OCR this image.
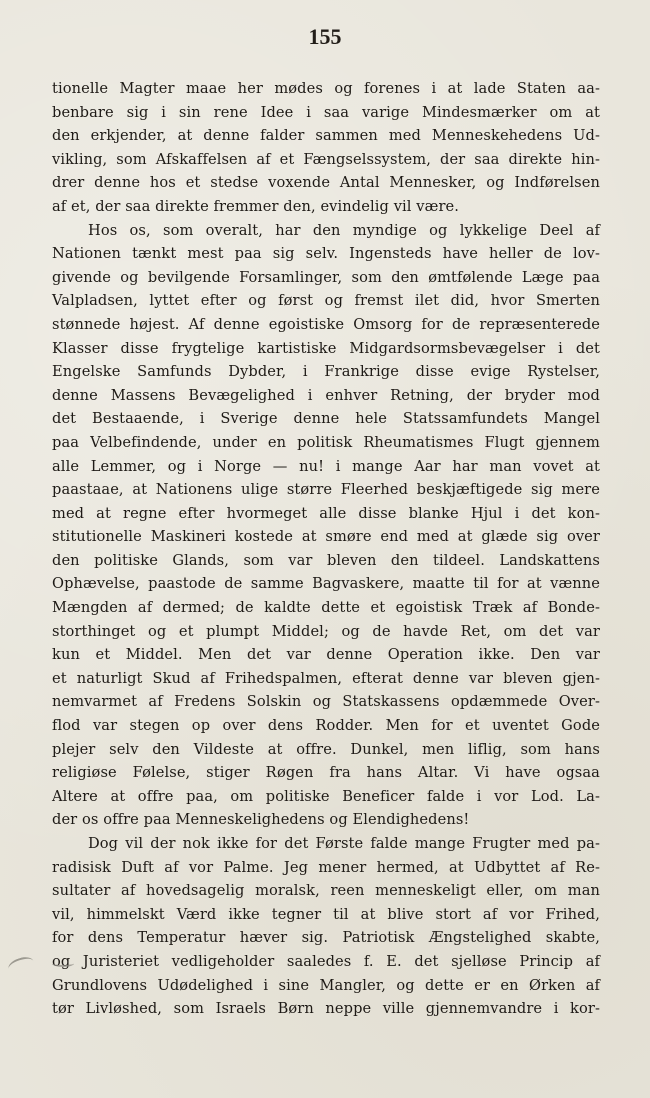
155
tionelle Magter maae her mødes og forenes i at lade Staten aa-
benbare sig i sin rene Idee i saa varige Mindesmærker om at
den erkjender, at denne falder sammen med Menneskehedens Ud-
vikling, som Afskaffelsen af et Fængselssystem, der saa direkte hin-
drer denne hos et stedse voxende Antal Mennesker, og Indførelsen
af et, der saa direkte fremmer den, evindelig vil være.
Hos os, som overalt, har den myndige og lykkelige Deel af
Nationen tænkt mest paa sig selv. Ingensteds have heller de lov-
givende og bevilgende Forsamlinger, som den ømtfølende Læge paa
Valpladsen, lyttet efter og først og fremst ilet did, hvor Smerten
stønnede højest. Af denne egoistiske Omsorg for de repræsenterede
Klasser disse frygtelige kartistiske Midgardsormsbevægelser i det
Engelske Samfunds Dybder, i Frankrige disse evige Rystelser,
denne Massens Bevægelighed i enhver Retning, der bryder mod
det Bestaaende, i Sverige denne hele Statssamfundets Mangel
paa Velbefindende, under en politisk Rheumatismes Flugt gjennem
alle Lemmer, og i Norge — nu! i mange Aar har man vovet at
paastaae, at Nationens ulige større Fleerhed beskjæftigede sig mere
med at regne efter hvormeget alle disse blanke Hjul i det kon-
stitutionelle Maskineri kostede at smøre end med at glæde sig over
den politiske Glands, som var bleven den tildeel. Landskattens
Ophævelse, paastode de samme Bagvaskere, maatte til for at vænne
Mængden af dermed; de kaldte dette et egoistisk Træk af Bonde-
storthinget og et plumpt Middel; og de havde Ret, om det var
kun et Middel. Men det var denne Operation ikke. Den var
et naturligt Skud af Frihedspalmen, efterat denne var bleven gjen-
nemvarmet af Fredens Solskin og Statskassens opdæmmede Over-
flod var stegen op over dens Rodder. Men for et uventet Gode
plejer selv den Vildeste at offre. Dunkel, men liflig, som hans
religiøse Følelse, stiger Røgen fra hans Altar. Vi have ogsaa
Altere at offre paa, om politiske Beneficer falde i vor Lod. La-
der os offre paa Menneskelighedens og Elendighedens!
Dog vil der nok ikke for det Første falde mange Frugter med pa-
radisisk Duft af vor Palme. Jeg mener hermed, at Udbyttet af Re-
sultater af hovedsagelig moralsk, reen menneskeligt eller, om man
vil, himmelskt Værd ikke tegner til at blive stort af vor Frihed,
for dens Temperatur hæver sig. Patriotisk Ængstelighed skabte,
og Juristeriet vedligeholder saaledes f. E. det sjelløse Princip af
Grundlovens Udødelighed i sine Mangler, og dette er en Ørken af
tør Livløshed, som Israels Børn neppe ville gjennemvandre i kor-
